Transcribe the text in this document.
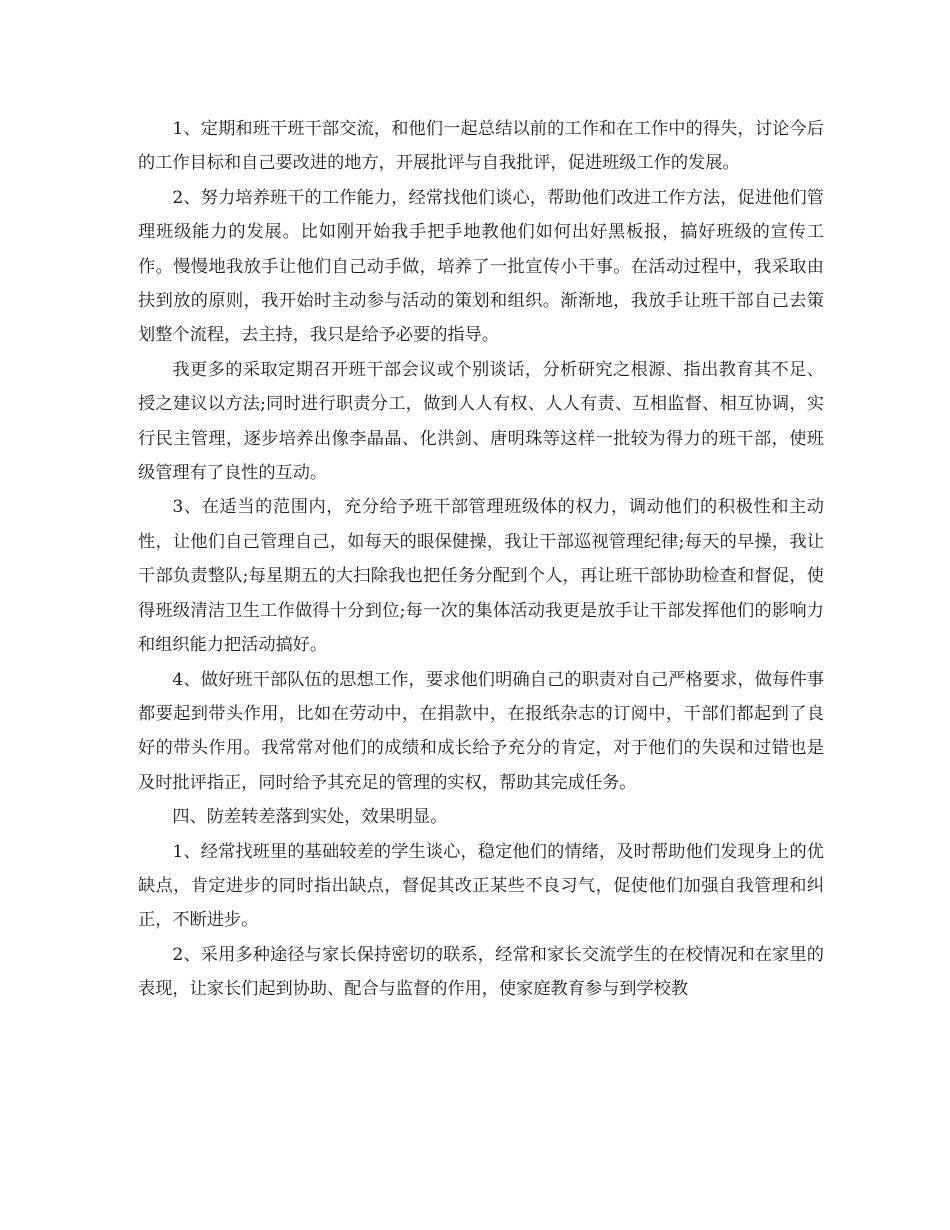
1、定期和班干班干部交流，和他们一起总结以前的工作和在工作中的得失，讨论今后的工作目标和自己要改进的地方，开展批评与自我批评，促进班级工作的发展。

2、努力培养班干的工作能力，经常找他们谈心，帮助他们改进工作方法，促进他们管理班级能力的发展。比如刚开始我手把手地教他们如何出好黑板报，搞好班级的宣传工作。慢慢地我放手让他们自己动手做，培养了一批宣传小干事。在活动过程中，我采取由扶到放的原则，我开始时主动参与活动的策划和组织。渐渐地，我放手让班干部自己去策划整个流程，去主持，我只是给予必要的指导。

我更多的采取定期召开班干部会议或个别谈话，分析研究之根源、指出教育其不足、授之建议以方法;同时进行职责分工，做到人人有权、人人有责、互相监督、相互协调，实行民主管理，逐步培养出像李晶晶、化洪剑、唐明珠等这样一批较为得力的班干部，使班级管理有了良性的互动。

3、在适当的范围内，充分给予班干部管理班级体的权力，调动他们的积极性和主动性，让他们自己管理自己，如每天的眼保健操，我让干部巡视管理纪律;每天的早操，我让干部负责整队;每星期五的大扫除我也把任务分配到个人，再让班干部协助检查和督促，使得班级清洁卫生工作做得十分到位;每一次的集体活动我更是放手让干部发挥他们的影响力和组织能力把活动搞好。

4、做好班干部队伍的思想工作，要求他们明确自己的职责对自己严格要求，做每件事都要起到带头作用，比如在劳动中，在捐款中，在报纸杂志的订阅中，干部们都起到了良好的带头作用。我常常对他们的成绩和成长给予充分的肯定，对于他们的失误和过错也是及时批评指正，同时给予其充足的管理的实权，帮助其完成任务。

四、防差转差落到实处，效果明显。

1、经常找班里的基础较差的学生谈心，稳定他们的情绪，及时帮助他们发现身上的优缺点，肯定进步的同时指出缺点，督促其改正某些不良习气，促使他们加强自我管理和纠正，不断进步。

2、采用多种途径与家长保持密切的联系，经常和家长交流学生的在校情况和在家里的表现，让家长们起到协助、配合与监督的作用，使家庭教育参与到学校教
